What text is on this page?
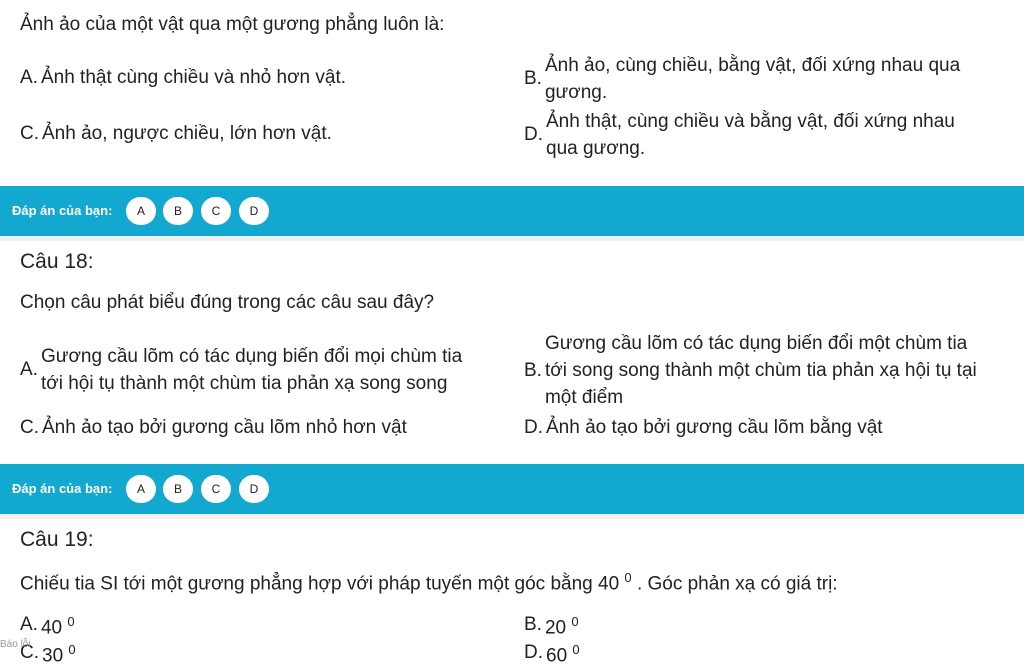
Ảnh ảo của một vật qua một gương phẳng luôn là:
A. Ảnh thật cùng chiều và nhỏ hơn vật.	B.
Ảnh ảo, cùng chiều, bằng vật, đối xứng nhau qua
gương.
C. Ảnh ảo, ngược chiều, lớn hơn vật.	D.
Ảnh thật, cùng chiều và bằng vật, đối xứng nhau
qua gương.
Đáp án của bạn:	A	B	C	D
Câu 18:
Chọn câu phát biểu đúng trong các câu sau đây?
A.
Gương cầu lõm có tác dụng biến đổi mọi chùm tia
tới hội tụ thành một chùm tia phản xạ song song
B.
Gương cầu lõm có tác dụng biến đổi một chùm tia
tới song song thành một chùm tia phản xạ hội tụ tại
một điểm
C. Ảnh ảo tạo bởi gương cầu lõm nhỏ hơn vật	D. Ảnh ảo tạo bởi gương cầu lõm bằng vật
Đáp án của bạn:	A	B	C	D
Câu 19:
Chiếu tia SI tới một gương phẳng hợp với pháp tuyến một góc bằng 40 $^0$ . Góc phản xạ có giá trị:
A. 40 $^0$	B. 20 $^0$
C. 30 $^0$	D. 60 $^0$
Báo lỗi
